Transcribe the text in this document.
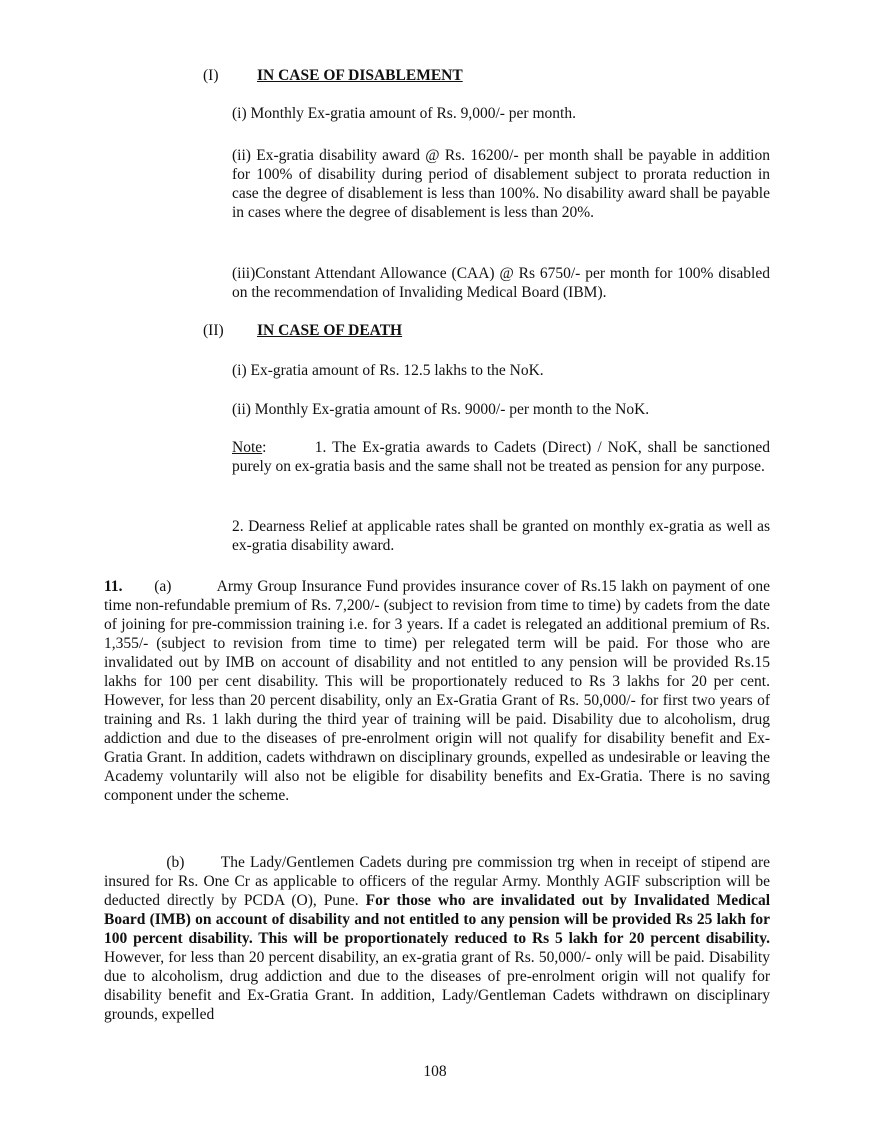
(I) IN CASE OF DISABLEMENT
(i) Monthly Ex-gratia amount of Rs. 9,000/- per month.
(ii) Ex-gratia disability award @ Rs. 16200/- per month shall be payable in addition for 100% of disability during period of disablement subject to prorata reduction in case the degree of disablement is less than 100%. No disability award shall be payable in cases where the degree of disablement is less than 20%.
(iii)Constant Attendant Allowance (CAA) @ Rs 6750/- per month for 100% disabled on the recommendation of Invaliding Medical Board (IBM).
(II) IN CASE OF DEATH
(i) Ex-gratia amount of Rs. 12.5 lakhs to the NoK.
(ii) Monthly Ex-gratia amount of Rs. 9000/- per month to the NoK.
Note:        1. The Ex-gratia awards to Cadets (Direct) / NoK, shall be sanctioned purely on ex-gratia basis and the same shall not be treated as pension for any purpose.
2. Dearness Relief at applicable rates shall be granted on monthly ex-gratia as well as ex-gratia disability award.
11. (a)	Army Group Insurance Fund provides insurance cover of Rs.15 lakh on payment of one time non-refundable premium of Rs. 7,200/- (subject to revision from time to time) by cadets from the date of joining for pre-commission training i.e. for 3 years. If a cadet is relegated an additional premium of Rs. 1,355/- (subject to revision from time to time) per relegated term will be paid. For those who are invalidated out by IMB on account of disability and not entitled to any pension will be provided Rs.15 lakhs for 100 per cent disability. This will be proportionately reduced to Rs 3 lakhs for 20 per cent. However, for less than 20 percent disability, only an Ex-Gratia Grant of Rs. 50,000/- for first two years of training and Rs. 1 lakh during the third year of training will be paid. Disability due to alcoholism, drug addiction and due to the diseases of pre-enrolment origin will not qualify for disability benefit and Ex-Gratia Grant. In addition, cadets withdrawn on disciplinary grounds, expelled as undesirable or leaving the Academy voluntarily will also not be eligible for disability benefits and Ex-Gratia. There is no saving component under the scheme.
(b) The Lady/Gentlemen Cadets during pre commission trg when in receipt of stipend are insured for Rs. One Cr as applicable to officers of the regular Army. Monthly AGIF subscription will be deducted directly by PCDA (O), Pune. For those who are invalidated out by Invalidated Medical Board (IMB) on account of disability and not entitled to any pension will be provided Rs 25 lakh for 100 percent disability. This will be proportionately reduced to Rs 5 lakh for 20 percent disability. However, for less than 20 percent disability, an ex-gratia grant of Rs. 50,000/- only will be paid. Disability due to alcoholism, drug addiction and due to the diseases of pre-enrolment origin will not qualify for disability benefit and Ex-Gratia Grant. In addition, Lady/Gentleman Cadets withdrawn on disciplinary grounds, expelled
108
